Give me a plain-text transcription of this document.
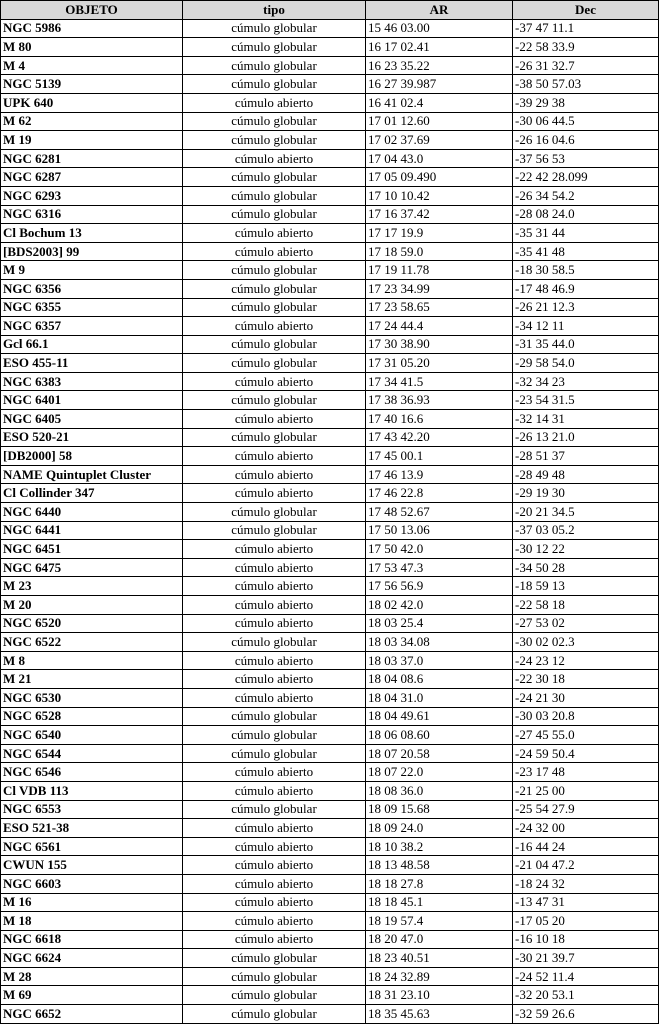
OBJETO	tipo	AR	Dec
NGC 5986	cúmulo globular	15 46 03.00	-37 47 11.1
M 80	cúmulo globular	16 17 02.41	-22 58 33.9
M 4	cúmulo globular	16 23 35.22	-26 31 32.7
NGC 5139	cúmulo globular	16 27 39.987	-38 50 57.03
UPK 640	cúmulo abierto	16 41 02.4	-39 29 38
M 62	cúmulo globular	17 01 12.60	-30 06 44.5
M 19	cúmulo globular	17 02 37.69	-26 16 04.6
NGC 6281	cúmulo abierto	17 04 43.0	-37 56 53
NGC 6287	cúmulo globular	17 05 09.490	-22 42 28.099
NGC 6293	cúmulo globular	17 10 10.42	-26 34 54.2
NGC 6316	cúmulo globular	17 16 37.42	-28 08 24.0
Cl Bochum 13	cúmulo abierto	17 17 19.9	-35 31 44
[BDS2003] 99	cúmulo abierto	17 18 59.0	-35 41 48
M 9	cúmulo globular	17 19 11.78	-18 30 58.5
NGC 6356	cúmulo globular	17 23 34.99	-17 48 46.9
NGC 6355	cúmulo globular	17 23 58.65	-26 21 12.3
NGC 6357	cúmulo abierto	17 24 44.4	-34 12 11
Gcl 66.1	cúmulo globular	17 30 38.90	-31 35 44.0
ESO 455-11	cúmulo globular	17 31 05.20	-29 58 54.0
NGC 6383	cúmulo abierto	17 34 41.5	-32 34 23
NGC 6401	cúmulo globular	17 38 36.93	-23 54 31.5
NGC 6405	cúmulo abierto	17 40 16.6	-32 14 31
ESO 520-21	cúmulo globular	17 43 42.20	-26 13 21.0
[DB2000] 58	cúmulo abierto	17 45 00.1	-28 51 37
NAME Quintuplet Cluster	cúmulo abierto	17 46 13.9	-28 49 48
Cl Collinder 347	cúmulo abierto	17 46 22.8	-29 19 30
NGC 6440	cúmulo globular	17 48 52.67	-20 21 34.5
NGC 6441	cúmulo globular	17 50 13.06	-37 03 05.2
NGC 6451	cúmulo abierto	17 50 42.0	-30 12 22
NGC 6475	cúmulo abierto	17 53 47.3	-34 50 28
M 23	cúmulo abierto	17 56 56.9	-18 59 13
M 20	cúmulo abierto	18 02 42.0	-22 58 18
NGC 6520	cúmulo abierto	18 03 25.4	-27 53 02
NGC 6522	cúmulo globular	18 03 34.08	-30 02 02.3
M 8	cúmulo abierto	18 03 37.0	-24 23 12
M 21	cúmulo abierto	18 04 08.6	-22 30 18
NGC 6530	cúmulo abierto	18 04 31.0	-24 21 30
NGC 6528	cúmulo globular	18 04 49.61	-30 03 20.8
NGC 6540	cúmulo globular	18 06 08.60	-27 45 55.0
NGC 6544	cúmulo globular	18 07 20.58	-24 59 50.4
NGC 6546	cúmulo abierto	18 07 22.0	-23 17 48
Cl VDB 113	cúmulo abierto	18 08 36.0	-21 25 00
NGC 6553	cúmulo globular	18 09 15.68	-25 54 27.9
ESO 521-38	cúmulo abierto	18 09 24.0	-24 32 00
NGC 6561	cúmulo abierto	18 10 38.2	-16 44 24
CWUN 155	cúmulo abierto	18 13 48.58	-21 04 47.2
NGC 6603	cúmulo abierto	18 18 27.8	-18 24 32
M 16	cúmulo abierto	18 18 45.1	-13 47 31
M 18	cúmulo abierto	18 19 57.4	-17 05 20
NGC 6618	cúmulo abierto	18 20 47.0	-16 10 18
NGC 6624	cúmulo globular	18 23 40.51	-30 21 39.7
M 28	cúmulo globular	18 24 32.89	-24 52 11.4
M 69	cúmulo globular	18 31 23.10	-32 20 53.1
NGC 6652	cúmulo globular	18 35 45.63	-32 59 26.6
